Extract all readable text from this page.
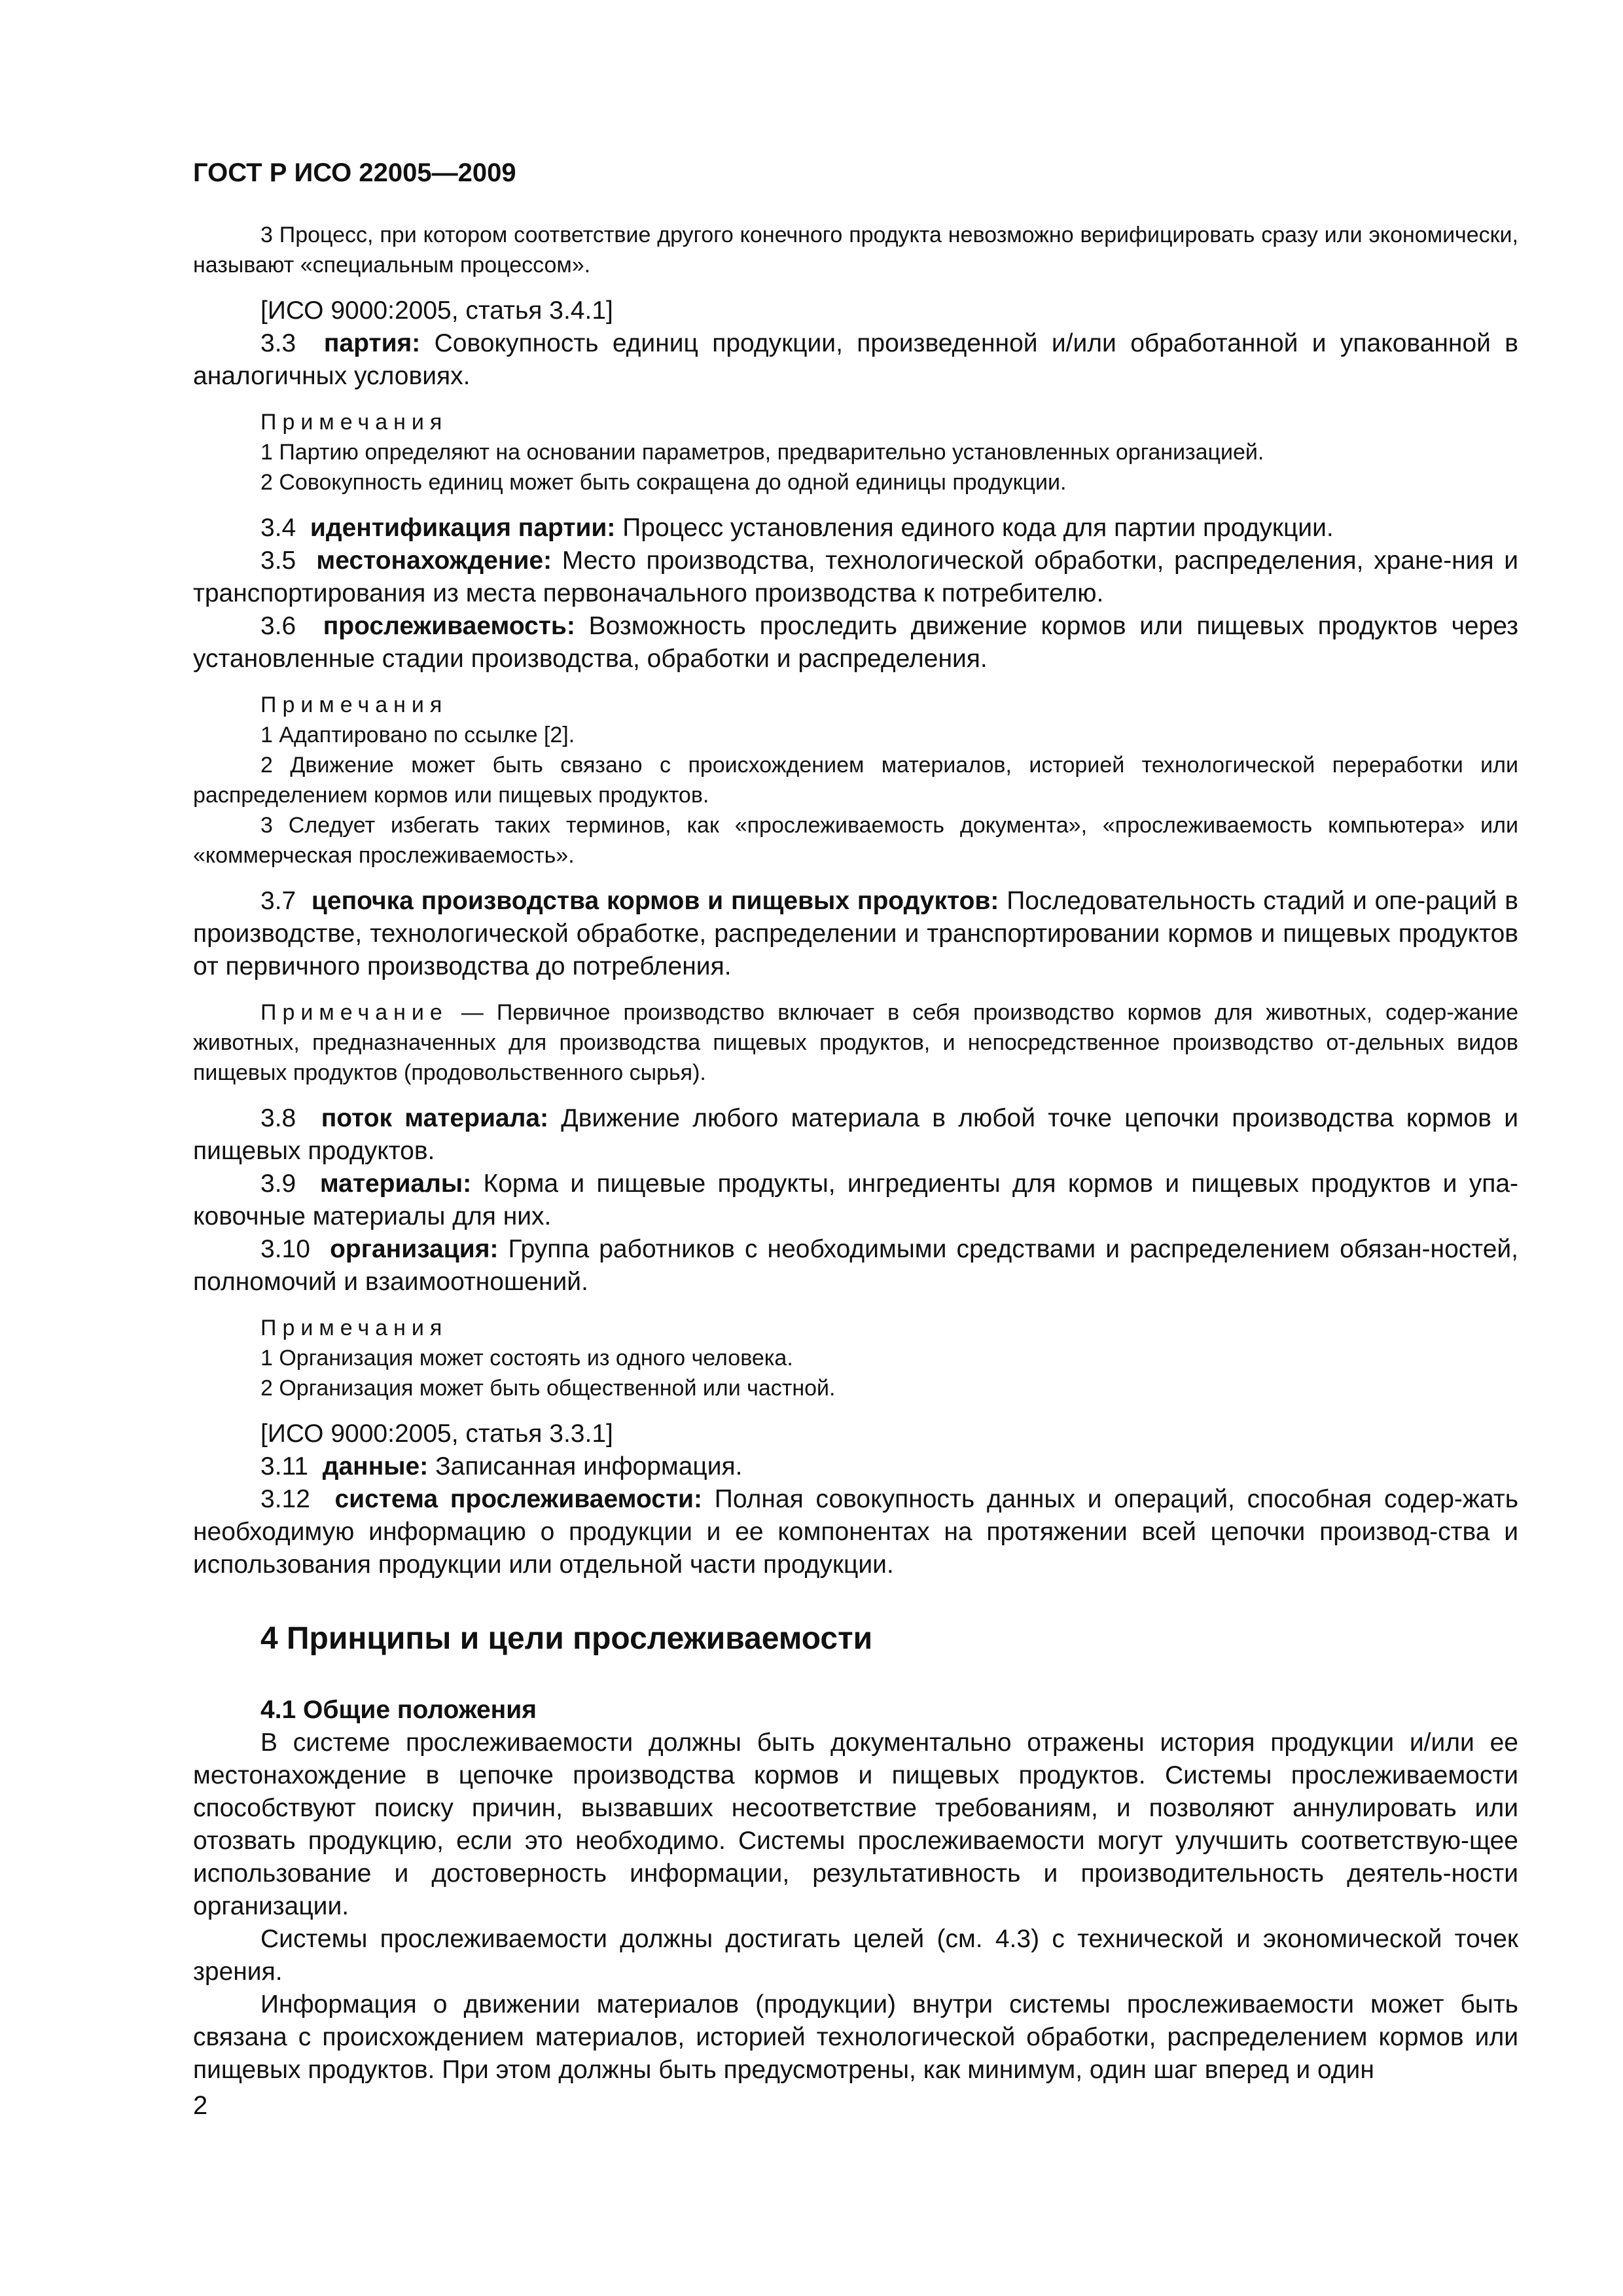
ГОСТ Р ИСО 22005—2009

3 Процесс, при котором соответствие другого конечного продукта невозможно верифицировать сразу или экономически, называют «специальным процессом».

[ИСО 9000:2005, статья 3.4.1]

3.3 партия: Совокупность единиц продукции, произведенной и/или обработанной и упакованной в аналогичных условиях.

Примечания

1 Партию определяют на основании параметров, предварительно установленных организацией.

2 Совокупность единиц может быть сокращена до одной единицы продукции.

3.4 идентификация партии: Процесс установления единого кода для партии продукции.

3.5 местонахождение: Место производства, технологической обработки, распределения, хране-ния и транспортирования из места первоначального производства к потребителю.

3.6 прослеживаемость: Возможность проследить движение кормов или пищевых продуктов через установленные стадии производства, обработки и распределения.

Примечания

1 Адаптировано по ссылке [2].

2 Движение может быть связано с происхождением материалов, историей технологической переработки или распределением кормов или пищевых продуктов.

3 Следует избегать таких терминов, как «прослеживаемость документа», «прослеживаемость компьютера» или «коммерческая прослеживаемость».

3.7 цепочка производства кормов и пищевых продуктов: Последовательность стадий и опе-раций в производстве, технологической обработке, распределении и транспортировании кормов и пищевых продуктов от первичного производства до потребления.

Примечание — Первичное производство включает в себя производство кормов для животных, содер-жание животных, предназначенных для производства пищевых продуктов, и непосредственное производство от-дельных видов пищевых продуктов (продовольственного сырья).

3.8 поток материала: Движение любого материала в любой точке цепочки производства кормов и пищевых продуктов.

3.9 материалы: Корма и пищевые продукты, ингредиенты для кормов и пищевых продуктов и упа-ковочные материалы для них.

3.10 организация: Группа работников с необходимыми средствами и распределением обязан-ностей, полномочий и взаимоотношений.

Примечания

1 Организация может состоять из одного человека.

2 Организация может быть общественной или частной.

[ИСО 9000:2005, статья 3.3.1]

3.11 данные: Записанная информация.

3.12 система прослеживаемости: Полная совокупность данных и операций, способная содер-жать необходимую информацию о продукции и ее компонентах на протяжении всей цепочки производ-ства и использования продукции или отдельной части продукции.

4 Принципы и цели прослеживаемости
4.1 Общие положения

В системе прослеживаемости должны быть документально отражены история продукции и/или ее местонахождение в цепочке производства кормов и пищевых продуктов. Системы прослеживаемости способствуют поиску причин, вызвавших несоответствие требованиям, и позволяют аннулировать или отозвать продукцию, если это необходимо. Системы прослеживаемости могут улучшить соответствую-щее использование и достоверность информации, результативность и производительность деятель-ности организации.

Системы прослеживаемости должны достигать целей (см. 4.3) с технической и экономической точек зрения.

Информация о движении материалов (продукции) внутри системы прослеживаемости может быть связана с происхождением материалов, историей технологической обработки, распределением кормов или пищевых продуктов. При этом должны быть предусмотрены, как минимум, один шаг вперед и один

2
